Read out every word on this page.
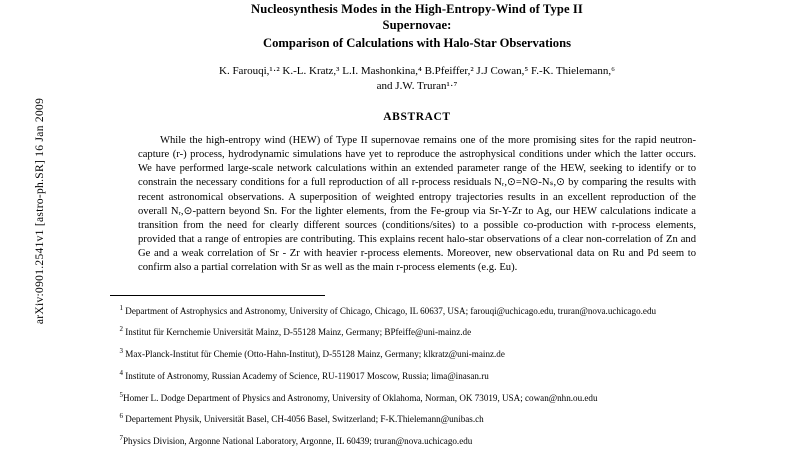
arXiv:0901.2541v1 [astro-ph.SR] 16 Jan 2009
Nucleosynthesis Modes in the High-Entropy-Wind of Type II
Supernovae:
Comparison of Calculations with Halo-Star Observations
K. Farouqi,¹·² K.-L. Kratz,³ L.I. Mashonkina,⁴ B.Pfeiffer,² J.J Cowan,⁵ F.-K. Thielemann,⁶
and J.W. Truran¹·⁷
ABSTRACT

While the high-entropy wind (HEW) of Type II supernovae remains one of the more promising sites for the rapid neutron-capture (r-) process, hydrodynamic simulations have yet to reproduce the astrophysical conditions under which the latter occurs. We have performed large-scale network calculations within an extended parameter range of the HEW, seeking to identify or to constrain the necessary conditions for a full reproduction of all r-process residuals Nᵣ,⊙=N⊙-Nₛ,⊙ by comparing the results with recent astronomical observations. A superposition of weighted entropy trajectories results in an excellent reproduction of the overall Nᵣ,⊙-pattern beyond Sn. For the lighter elements, from the Fe-group via Sr-Y-Zr to Ag, our HEW calculations indicate a transition from the need for clearly different sources (conditions/sites) to a possible co-production with r-process elements, provided that a range of entropies are contributing. This explains recent halo-star observations of a clear non-correlation of Zn and Ge and a weak correlation of Sr - Zr with heavier r-process elements. Moreover, new observational data on Ru and Pd seem to confirm also a partial correlation with Sr as well as the main r-process elements (e.g. Eu).

$^1$ Department of Astrophysics and Astronomy, University of Chicago, Chicago, IL 60637, USA; farouqi@uchicago.edu, truran@nova.uchicago.edu
$^2$ Institut für Kernchemie Universität Mainz, D-55128 Mainz, Germany; BPfeiffe@uni-mainz.de
$^3$ Max-Planck-Institut für Chemie (Otto-Hahn-Institut), D-55128 Mainz, Germany; klkratz@uni-mainz.de
$^4$ Institute of Astronomy, Russian Academy of Science, RU-119017 Moscow, Russia; lima@inasan.ru
$^5$Homer L. Dodge Department of Physics and Astronomy, University of Oklahoma, Norman, OK 73019, USA; cowan@nhn.ou.edu
$^6$ Departement Physik, Universität Basel, CH-4056 Basel, Switzerland; F-K.Thielemann@unibas.ch
$^7$Physics Division, Argonne National Laboratory, Argonne, IL 60439; truran@nova.uchicago.edu
